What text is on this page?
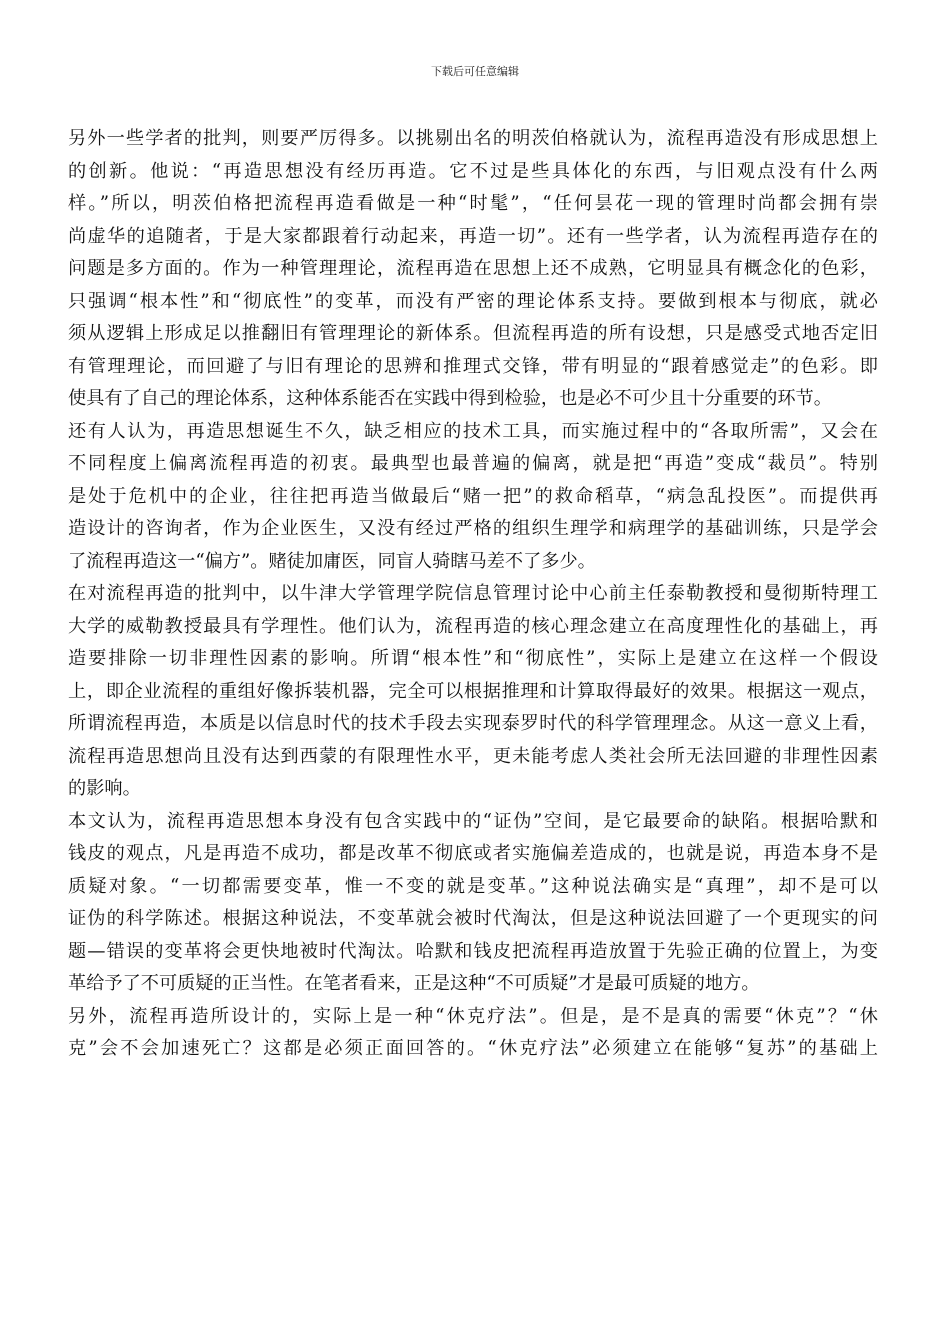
下载后可任意编辑
另外一些学者的批判，则要严厉得多。以挑剔出名的明茨伯格就认为，流程再造没有形成思想上
的创新。他说：“再造思想没有经历再造。它不过是些具体化的东西，与旧观点没有什么两
样。”所以，明茨伯格把流程再造看做是一种“时髦”，“任何昙花一现的管理时尚都会拥有崇
尚虚华的追随者，于是大家都跟着行动起来，再造一切”。还有一些学者，认为流程再造存在的
问题是多方面的。作为一种管理理论，流程再造在思想上还不成熟，它明显具有概念化的色彩，
只强调“根本性”和“彻底性”的变革，而没有严密的理论体系支持。要做到根本与彻底，就必
须从逻辑上形成足以推翻旧有管理理论的新体系。但流程再造的所有设想，只是感受式地否定旧
有管理理论，而回避了与旧有理论的思辨和推理式交锋，带有明显的“跟着感觉走”的色彩。即
使具有了自己的理论体系，这种体系能否在实践中得到检验，也是必不可少且十分重要的环节。
还有人认为，再造思想诞生不久，缺乏相应的技术工具，而实施过程中的“各取所需”，又会在
不同程度上偏离流程再造的初衷。最典型也最普遍的偏离，就是把“再造”变成“裁员”。特别
是处于危机中的企业，往往把再造当做最后“赌一把”的救命稻草，“病急乱投医”。而提供再
造设计的咨询者，作为企业医生，又没有经过严格的组织生理学和病理学的基础训练，只是学会
了流程再造这一“偏方”。赌徒加庸医，同盲人骑瞎马差不了多少。
在对流程再造的批判中，以牛津大学管理学院信息管理讨论中心前主任泰勒教授和曼彻斯特理工
大学的威勒教授最具有学理性。他们认为，流程再造的核心理念建立在高度理性化的基础上，再
造要排除一切非理性因素的影响。所谓“根本性”和“彻底性”，实际上是建立在这样一个假设
上，即企业流程的重组好像拆装机器，完全可以根据推理和计算取得最好的效果。根据这一观点，
所谓流程再造，本质是以信息时代的技术手段去实现泰罗时代的科学管理理念。从这一意义上看，
流程再造思想尚且没有达到西蒙的有限理性水平，更未能考虑人类社会所无法回避的非理性因素
的影响。
本文认为，流程再造思想本身没有包含实践中的“证伪”空间，是它最要命的缺陷。根据哈默和
钱皮的观点，凡是再造不成功，都是改革不彻底或者实施偏差造成的，也就是说，再造本身不是
质疑对象。“一切都需要变革，惟一不变的就是变革。”这种说法确实是“真理”，却不是可以
证伪的科学陈述。根据这种说法，不变革就会被时代淘汰，但是这种说法回避了一个更现实的问
题—错误的变革将会更快地被时代淘汰。哈默和钱皮把流程再造放置于先验正确的位置上，为变
革给予了不可质疑的正当性。在笔者看来，正是这种“不可质疑”才是最可质疑的地方。
另外，流程再造所设计的，实际上是一种“休克疗法”。但是，是不是真的需要“休克”？“休
克”会不会加速死亡？这都是必须正面回答的。“休克疗法”必须建立在能够“复苏”的基础上
